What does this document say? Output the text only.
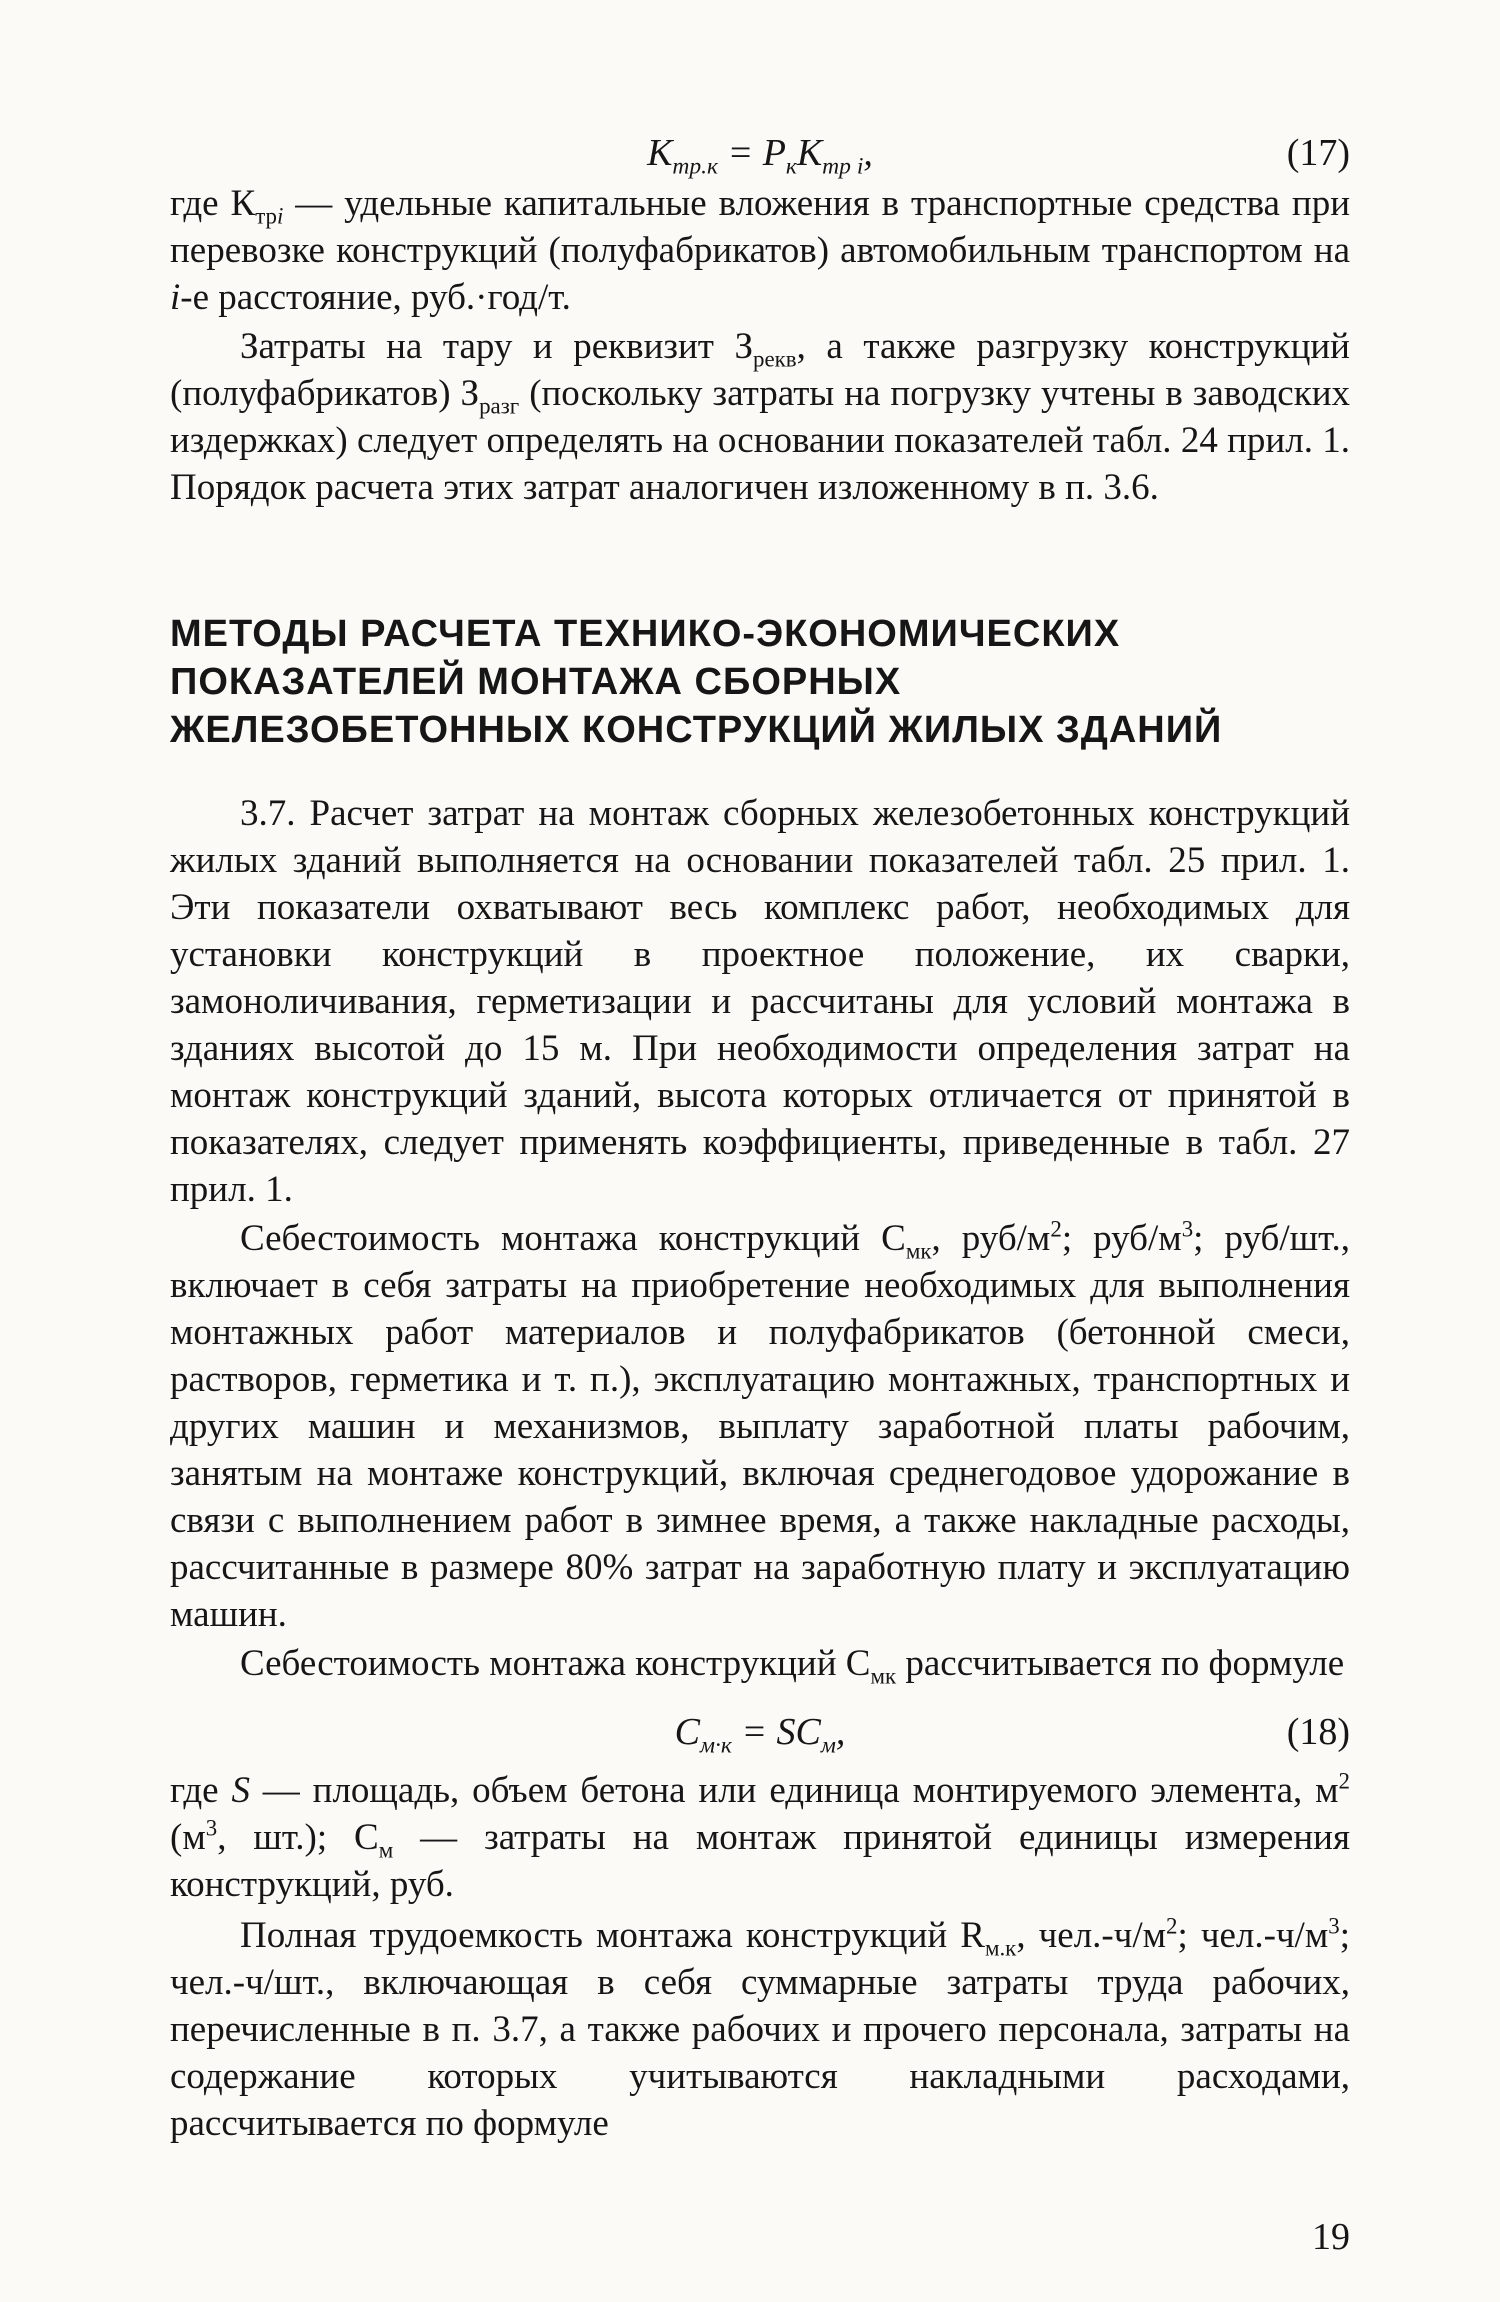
$К_{тр.к} = Р_кК_{тр i}$,	(17)

где $К_{трi}$ — удельные капитальные вложения в транспортные средства при перевозке конструкций (полуфабрикатов) автомобильным транспортом на i-е расстояние, руб.·год/т.

Затраты на тару и реквизит $З_{рекв}$, а также разгрузку конструкций (полуфабрикатов) $З_{разг}$ (поскольку затраты на погрузку учтены в заводских издержках) следует определять на основании показателей табл. 24 прил. 1. Порядок расчета этих затрат аналогичен изложенному в п. 3.6.

МЕТОДЫ РАСЧЕТА ТЕХНИКО-ЭКОНОМИЧЕСКИХ
ПОКАЗАТЕЛЕЙ МОНТАЖА СБОРНЫХ
ЖЕЛЕЗОБЕТОННЫХ КОНСТРУКЦИЙ ЖИЛЫХ ЗДАНИЙ

3.7. Расчет затрат на монтаж сборных железобетонных конструкций жилых зданий выполняется на основании показателей табл. 25 прил. 1. Эти показатели охватывают весь комплекс работ, необходимых для установки конструкций в проектное положение, их сварки, замоноличивания, герметизации и рассчитаны для условий монтажа в зданиях высотой до 15 м. При необходимости определения затрат на монтаж конструкций зданий, высота которых отличается от принятой в показателях, следует применять коэффициенты, приведенные в табл. 27 прил. 1.

Себестоимость монтажа конструкций $С_{мк}$, руб/$м^2$; руб/$м^3$; руб/шт., включает в себя затраты на приобретение необходимых для выполнения монтажных работ материалов и полуфабрикатов (бетонной смеси, растворов, герметика и т. п.), эксплуатацию монтажных, транспортных и других машин и механизмов, выплату заработной платы рабочим, занятым на монтаже конструкций, включая среднегодовое удорожание в связи с выполнением работ в зимнее время, а также накладные расходы, рассчитанные в размере 80% затрат на заработную плату и эксплуатацию машин.

Себестоимость монтажа конструкций $С_{мк}$ рассчитывается по формуле

$С_{м\cdot к} = SС_м$,	(18)

где S — площадь, объем бетона или единица монтируемого элемента, $м^2$ ($м^3$, шт.); $С_м$ — затраты на монтаж принятой единицы измерения конструкций, руб.

Полная трудоемкость монтажа конструкций $R_{м.к}$, $чел.-ч/м^2$; $чел.-ч/м^3$; чел.-ч/шт., включающая в себя суммарные затраты труда рабочих, перечисленные в п. 3.7, а также рабочих и прочего персонала, затраты на содержание которых учитываются накладными расходами, рассчитывается по формуле

19
